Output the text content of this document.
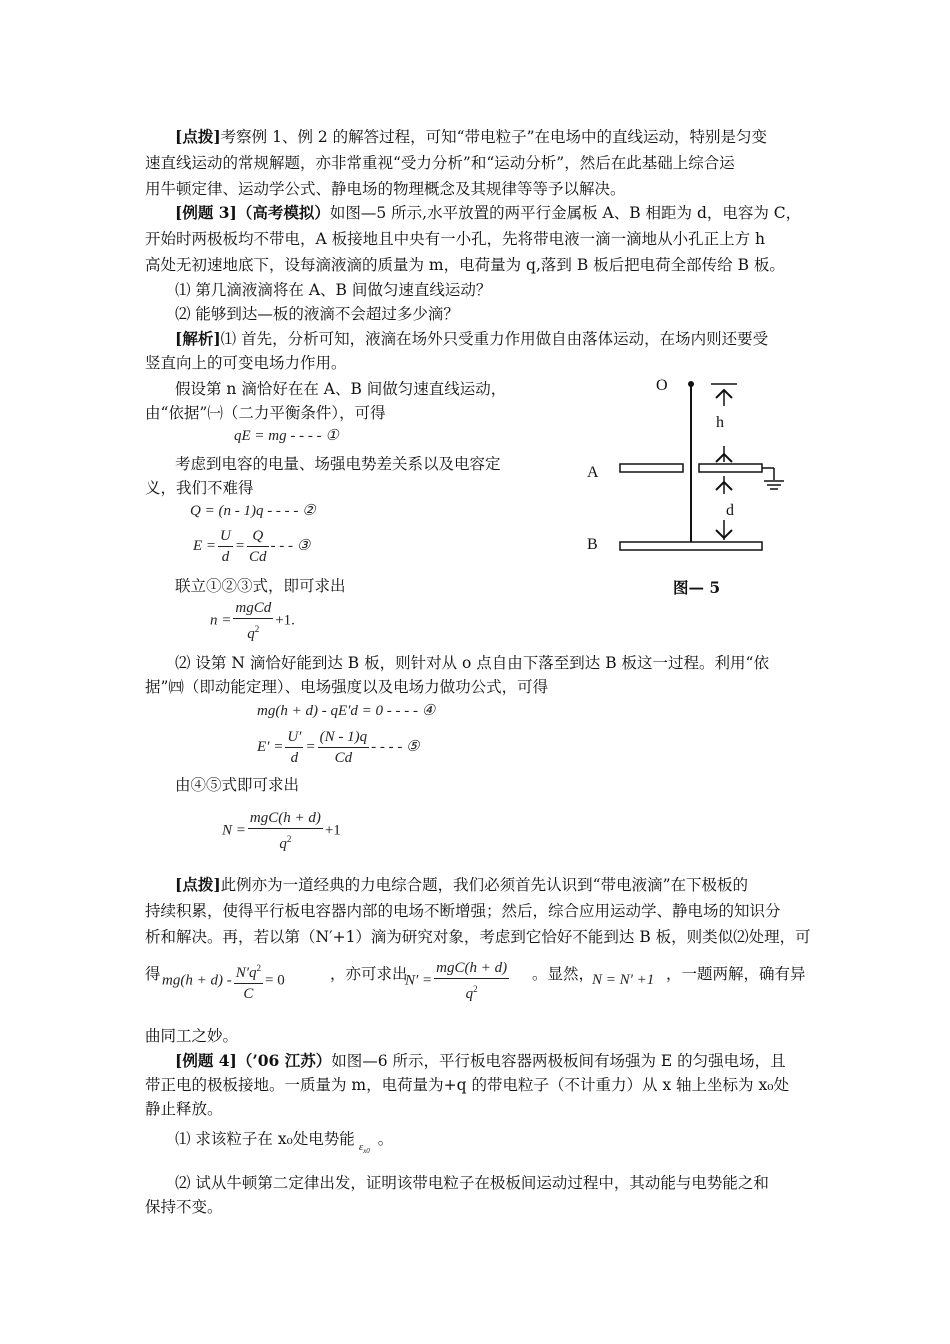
[点拨]考察例 1、例 2 的解答过程，可知“带电粒子”在电场中的直线运动，特别是匀变
速直线运动的常规解题，亦非常重视“受力分析”和“运动分析”，然后在此基础上综合运
用牛顿定律、运动学公式、静电场的物理概念及其规律等等予以解决。
[例题 3]（高考模拟）如图—5 所示,水平放置的两平行金属板 A、B 相距为 d，电容为 C，
开始时两极板均不带电，A 板接地且中央有一小孔，先将带电液一滴一滴地从小孔正上方 h
高处无初速地底下，设每滴液滴的质量为 m，电荷量为 q,落到 B 板后把电荷全部传给 B 板。
⑴ 第几滴液滴将在 A、B 间做匀速直线运动？
⑵ 能够到达—板的液滴不会超过多少滴？
[解析]⑴ 首先，分析可知，液滴在场外只受重力作用做自由落体运动，在场内则还要受
竖直向上的可变电场力作用。
假设第 n 滴恰好在在 A、B 间做匀速直线运动，
由“依据”㈠（二力平衡条件），可得
qE = mg - - - - ①
考虑到电容的电量、场强电势差关系以及电容定
义，我们不难得
Q = (n - 1)q - - - - ②
$E = \frac{U}{d} = \frac{Q}{Cd}$ - - - ③
联立①②③式，即可求出
$n = \frac{\text{mgCd}}{q^2} +1$.
O
h
A
d
B
图— 5
⑵ 设第 N 滴恰好能到达 B 板，则针对从 o 点自由下落至到达 B 板这一过程。利用“依
据”㈣（即动能定理）、电场强度以及电场力做功公式，可得
mg(h + d) - qE′d = 0 - - - - ④
$E' = \frac{U'}{d} = \frac{(N - 1)q}{Cd}$ - - - - ⑤
由④⑤式即可求出
$N = \frac{\text{mgC(h + d)}}{q^2} +1$
[点拨]此例亦为一道经典的力电综合题，我们必须首先认识到“带电液滴”在下极板的
持续积累，使得平行板电容器内部的电场不断增强；然后，综合应用运动学、静电场的知识分
析和解决。再，若以第（N′+1）滴为研究对象，考虑到它恰好不能到达 B 板，则类似⑵处理，可
得 $mg(h + d) - \frac{N'q^2}{C} = 0$	，亦可求出
$N' = \frac{\text{mgC(h + d)}}{q^2}$ 。显然，
N = N′ +1 ，一题两解，确有异
曲同工之妙。
[例题 4]（’06 江苏）如图—6 所示，平行板电容器两极板间有场强为 E 的匀强电场，且
带正电的极板接地。一质量为 m，电荷量为+q 的带电粒子（不计重力）从 x 轴上坐标为 x₀处
静止释放。
⑴ 求该粒子在 x₀处电势能 $_{\varepsilon_{x0}}$。
⑵ 试从牛顿第二定律出发，证明该带电粒子在极板间运动过程中，其动能与电势能之和
保持不变。
